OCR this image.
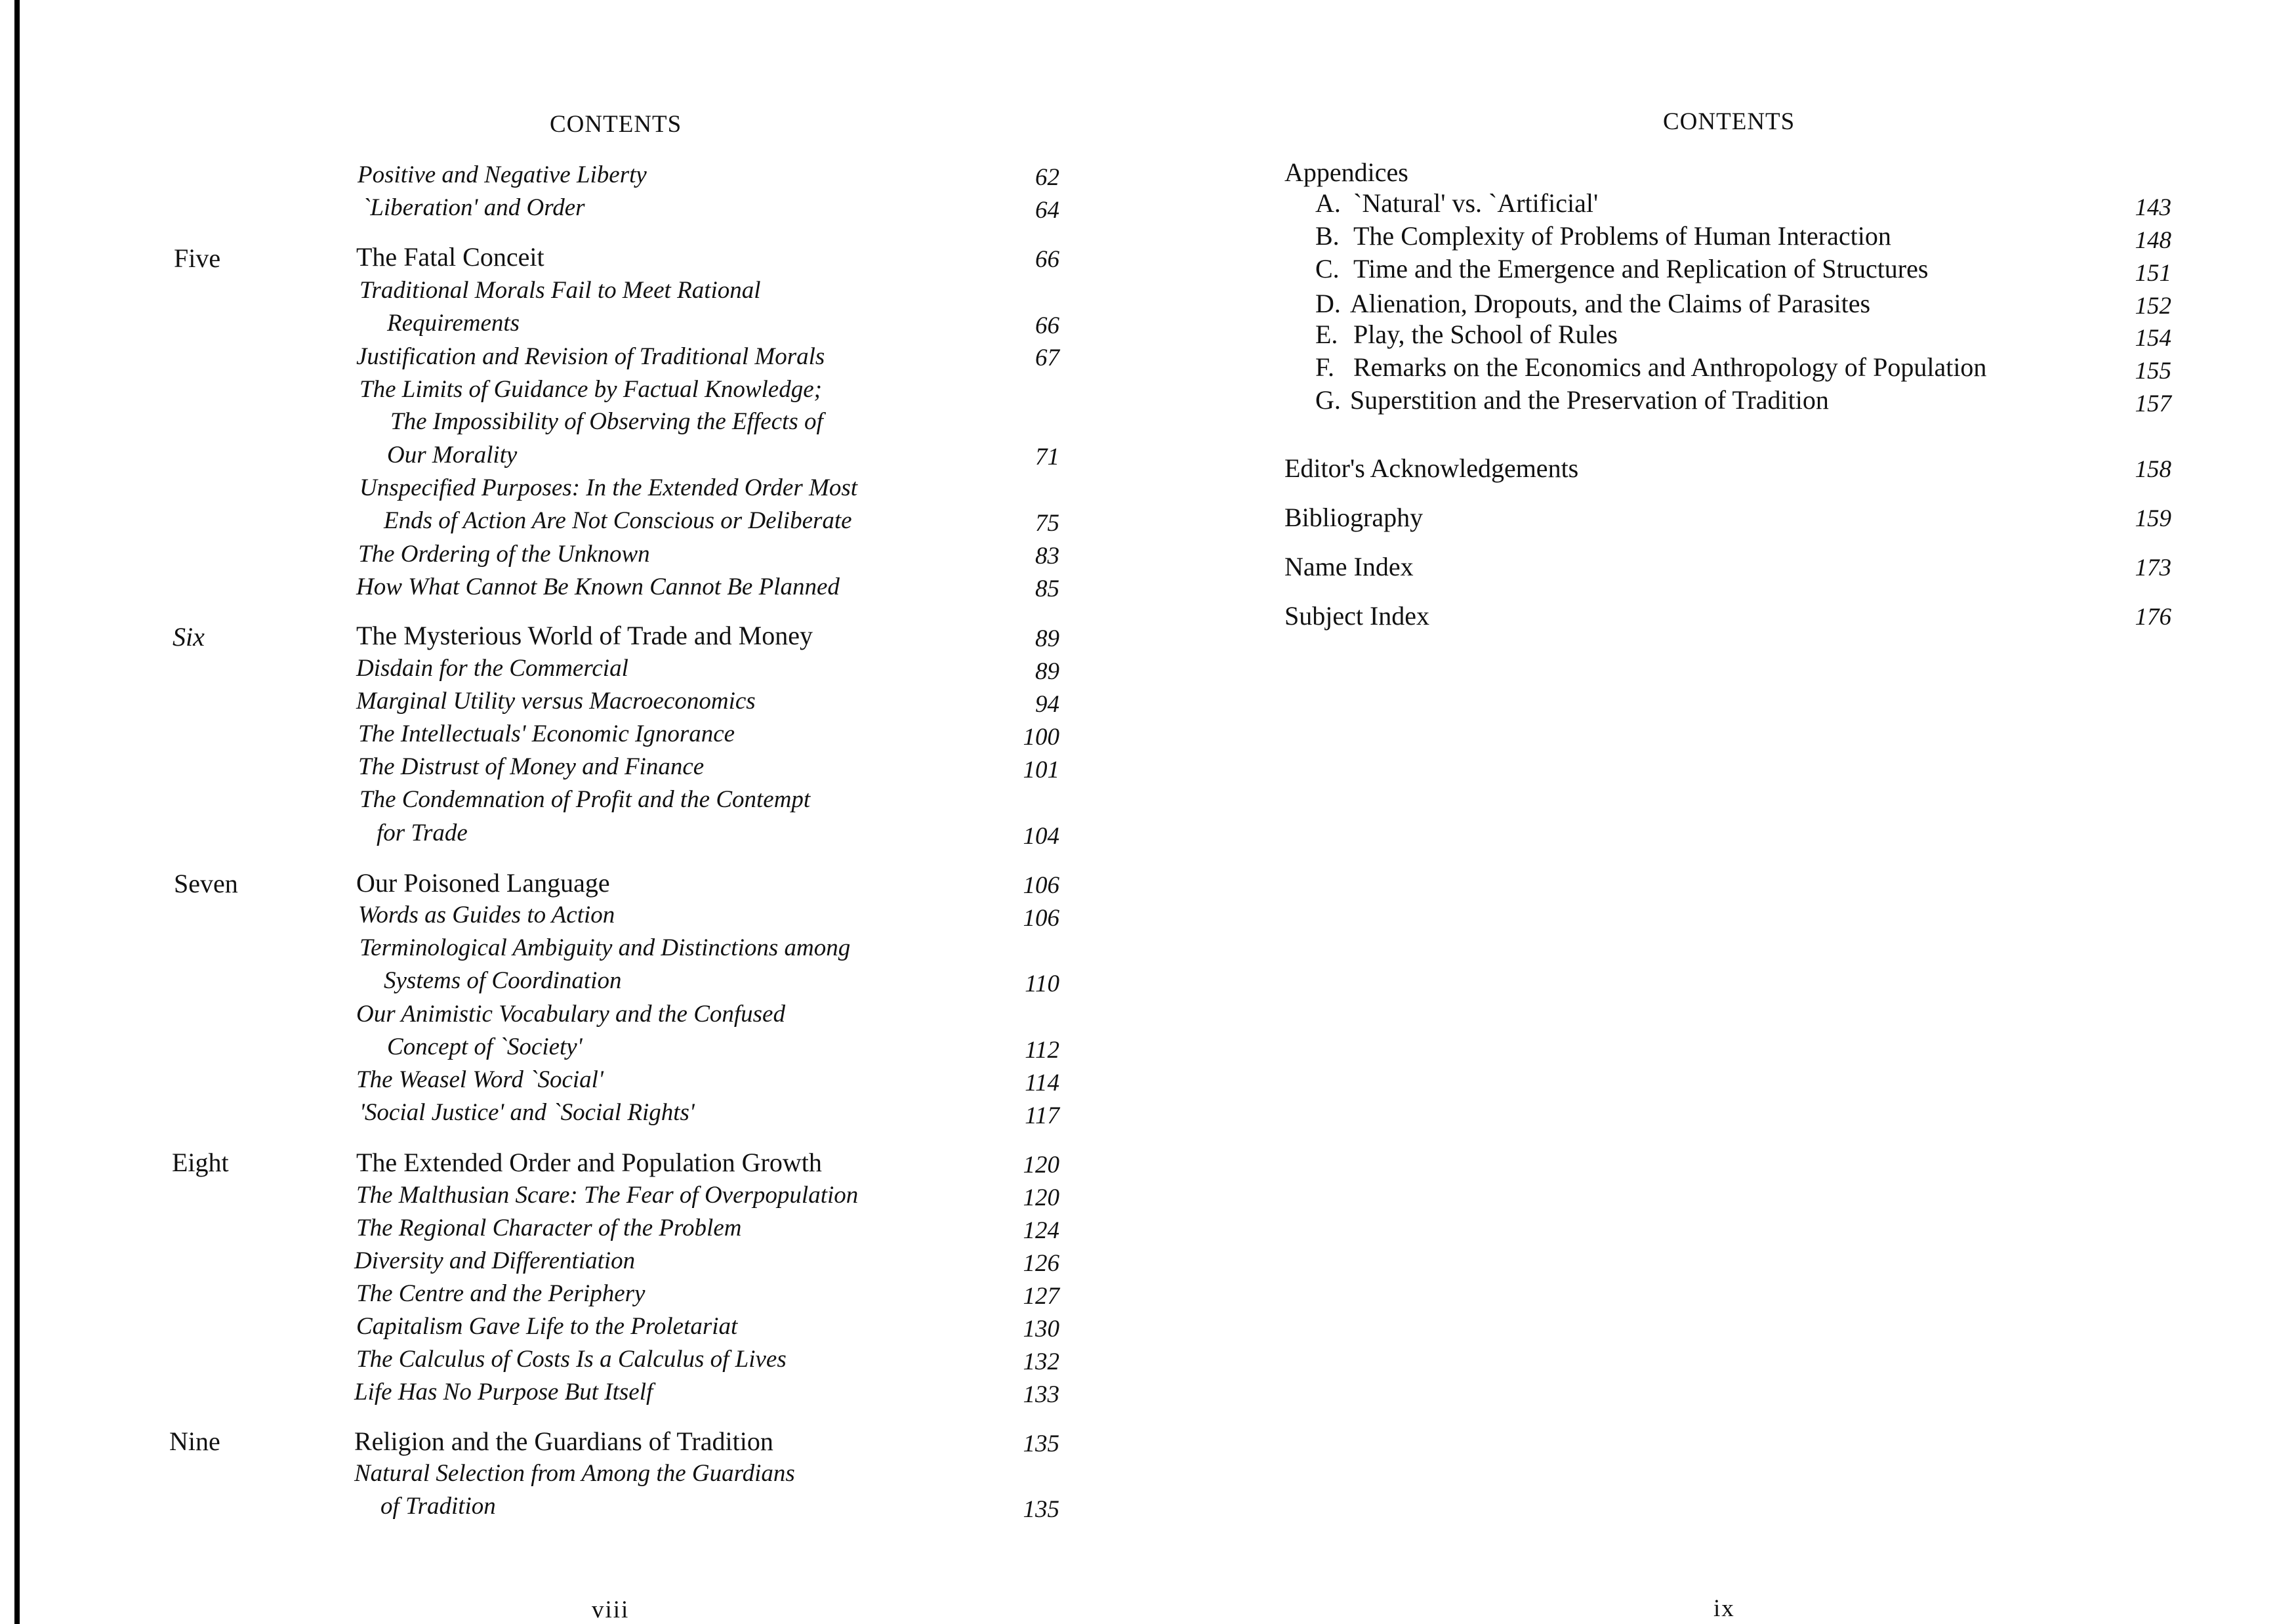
CONTENTS
Positive and Negative Liberty	62
`Liberation' and Order	64
Five	The Fatal Conceit	66
Traditional Morals Fail to Meet Rational
Requirements	66
Justification and Revision of Traditional Morals	67
The Limits of Guidance by Factual Knowledge;
The Impossibility of Observing the Effects of
Our Morality	71
Unspecified Purposes: In the Extended Order Most
Ends of Action Are Not Conscious or Deliberate	75
The Ordering of the Unknown	83
How What Cannot Be Known Cannot Be Planned	85
Six	The Mysterious World of Trade and Money	89
Disdain for the Commercial	89
Marginal Utility versus Macroeconomics	94
The Intellectuals' Economic Ignorance	100
The Distrust of Money and Finance	101
The Condemnation of Profit and the Contempt
for Trade	104
Seven	Our Poisoned Language	106
Words as Guides to Action	106
Terminological Ambiguity and Distinctions among
Systems of Coordination	110
Our Animistic Vocabulary and the Confused
Concept of `Society'	112
The Weasel Word `Social'	114
'Social Justice' and `Social Rights'	117
Eight	The Extended Order and Population Growth	120
The Malthusian Scare: The Fear of Overpopulation	120
The Regional Character of the Problem	124
Diversity and Differentiation	126
The Centre and the Periphery	127
Capitalism Gave Life to the Proletariat	130
The Calculus of Costs Is a Calculus of Lives	132
Life Has No Purpose But Itself	133
Nine	Religion and the Guardians of Tradition	135
Natural Selection from Among the Guardians
of Tradition	135
viii
CONTENTS
Appendices
A. `Natural' vs. `Artificial'	143
B. The Complexity of Problems of Human Interaction	148
C. Time and the Emergence and Replication of Structures	151
D. Alienation, Dropouts, and the Claims of Parasites	152
E. Play, the School of Rules	154
F. Remarks on the Economics and Anthropology of Population	155
G. Superstition and the Preservation of Tradition	157
Editor's Acknowledgements	158
Bibliography	159
Name Index	173
Subject Index	176
ix
